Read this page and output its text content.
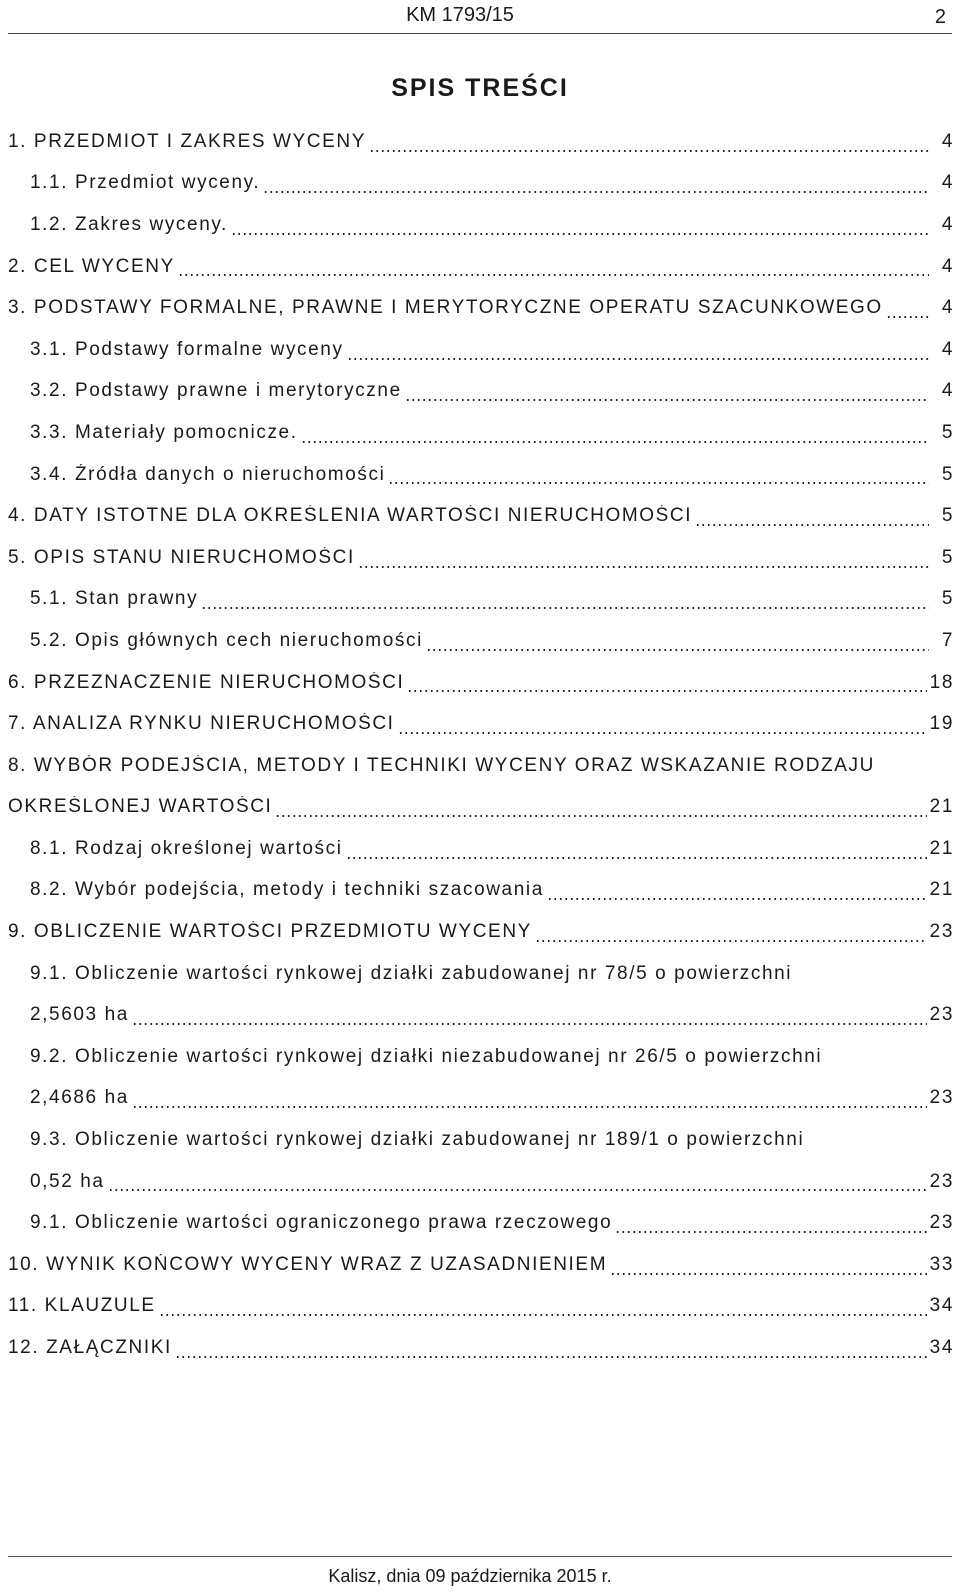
KM 1793/15	2
SPIS TREŚCI
1. PRZEDMIOT I ZAKRES WYCENY	4
1.1. Przedmiot wyceny.	4
1.2. Zakres wyceny.	4
2. CEL WYCENY	4
3. PODSTAWY FORMALNE, PRAWNE I MERYTORYCZNE OPERATU SZACUNKOWEGO	4
3.1. Podstawy formalne wyceny	4
3.2. Podstawy prawne i merytoryczne	4
3.3. Materiały pomocnicze.	5
3.4. Źródła danych o nieruchomości	5
4. DATY ISTOTNE DLA OKREŚLENIA WARTOŚCI NIERUCHOMOŚCI	5
5. OPIS STANU NIERUCHOMOŚCI	5
5.1. Stan prawny	5
5.2. Opis głównych cech nieruchomości	7
6. PRZEZNACZENIE NIERUCHOMOŚCI	18
7. ANALIZA RYNKU NIERUCHOMOŚCI	19
8. WYBÓR PODEJŚCIA, METODY I TECHNIKI WYCENY ORAZ WSKAZANIE RODZAJU
OKREŚLONEJ WARTOŚCI	21
8.1. Rodzaj określonej wartości	21
8.2. Wybór podejścia, metody i techniki szacowania	21
9. OBLICZENIE WARTOŚCI PRZEDMIOTU WYCENY	23
9.1. Obliczenie wartości rynkowej działki zabudowanej nr 78/5 o powierzchni
2,5603 ha	23
9.2. Obliczenie wartości rynkowej działki niezabudowanej nr 26/5 o powierzchni
2,4686 ha	23
9.3. Obliczenie wartości rynkowej działki zabudowanej nr 189/1 o powierzchni
0,52 ha	23
9.1. Obliczenie wartości ograniczonego prawa rzeczowego	23
10. WYNIK KOŃCOWY WYCENY WRAZ Z UZASADNIENIEM	33
11. KLAUZULE	34
12. ZAŁĄCZNIKI	34
Kalisz, dnia 09 października 2015 r.
